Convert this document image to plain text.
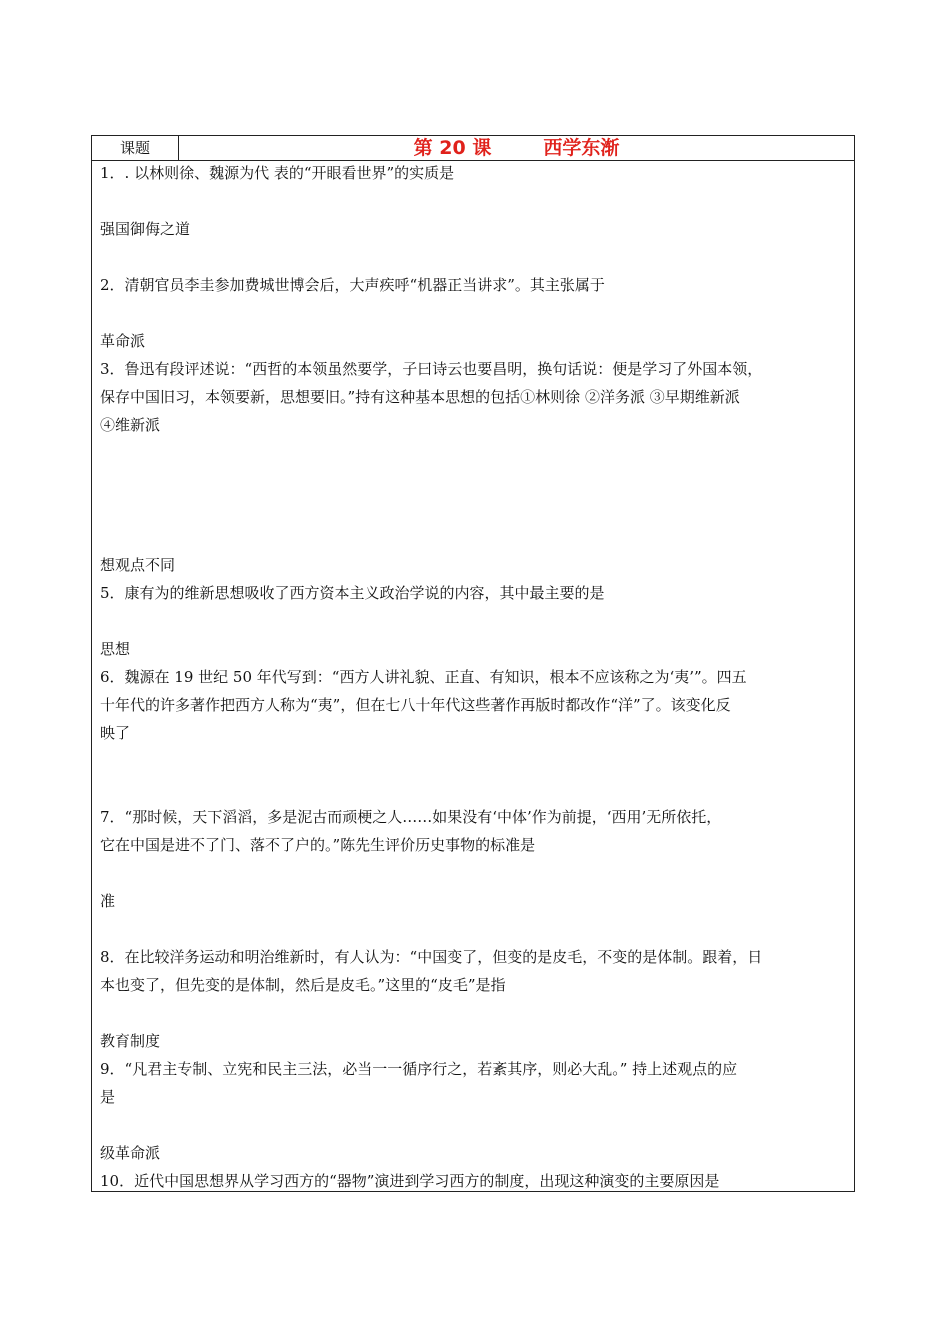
课题	第 20 课	西学东渐
1．. 以林则徐、魏源为代 表的“开眼看世界”的实质是
强国御侮之道
2．清朝官员李圭参加费城世博会后，大声疾呼“机器正当讲求”。其主张属于
革命派
3．鲁迅有段评述说：“西哲的本领虽然要学，子曰诗云也要昌明，换句话说：便是学习了外国本领，
保存中国旧习，本领要新，思想要旧。”持有这种基本思想的包括①林则徐 ②洋务派 ③早期维新派
④维新派
想观点不同
5．康有为的维新思想吸收了西方资本主义政治学说的内容，其中最主要的是
思想
6．魏源在 19 世纪 50 年代写到：“西方人讲礼貌、正直、有知识，根本不应该称之为‘夷’”。四五
十年代的许多著作把西方人称为“夷”，但在七八十年代这些著作再版时都改作“洋”了。该变化反
映了
7．“那时候，天下滔滔，多是泥古而顽梗之人……如果没有‘中体’作为前提，‘西用’无所依托，
它在中国是进不了门、落不了户的。”陈先生评价历史事物的标准是
准
8．在比较洋务运动和明治维新时，有人认为：“中国变了，但变的是皮毛，不变的是体制。跟着，日
本也变了，但先变的是体制，然后是皮毛。”这里的“皮毛”是指
教育制度
9．“凡君主专制、立宪和民主三法，必当一一循序行之，若紊其序，则必大乱。” 持上述观点的应
是
级革命派
10．近代中国思想界从学习西方的“器物”演进到学习西方的制度，出现这种演变的主要原因是
